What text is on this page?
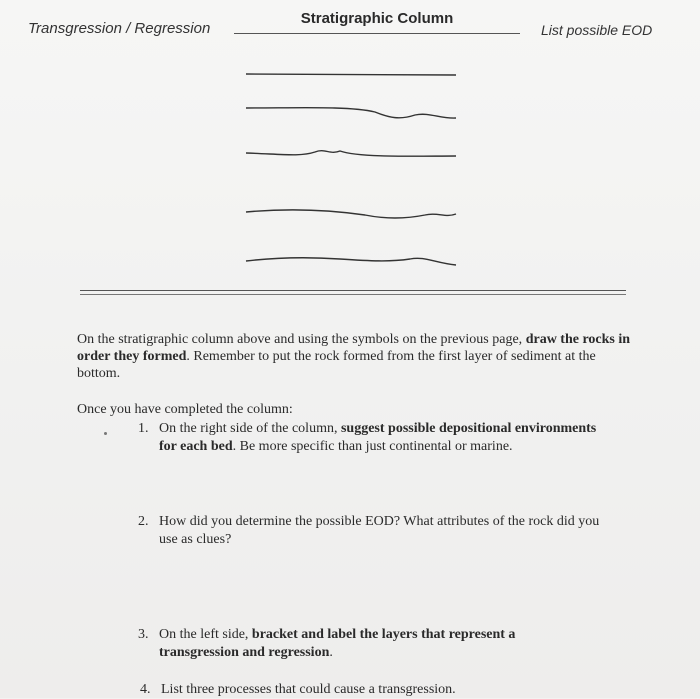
Transgression / Regression
Stratigraphic Column
List possible EOD
On the stratigraphic column above and using the symbols on the previous page, draw the rocks in order they formed. Remember to put the rock formed from the first layer of sediment at the bottom.
Once you have completed the column:
1. On the right side of the column, suggest possible depositional environments for each bed. Be more specific than just continental or marine.
2. How did you determine the possible EOD? What attributes of the rock did you use as clues?
3. On the left side, bracket and label the layers that represent a transgression and regression.
4. List three processes that could cause a transgression.
